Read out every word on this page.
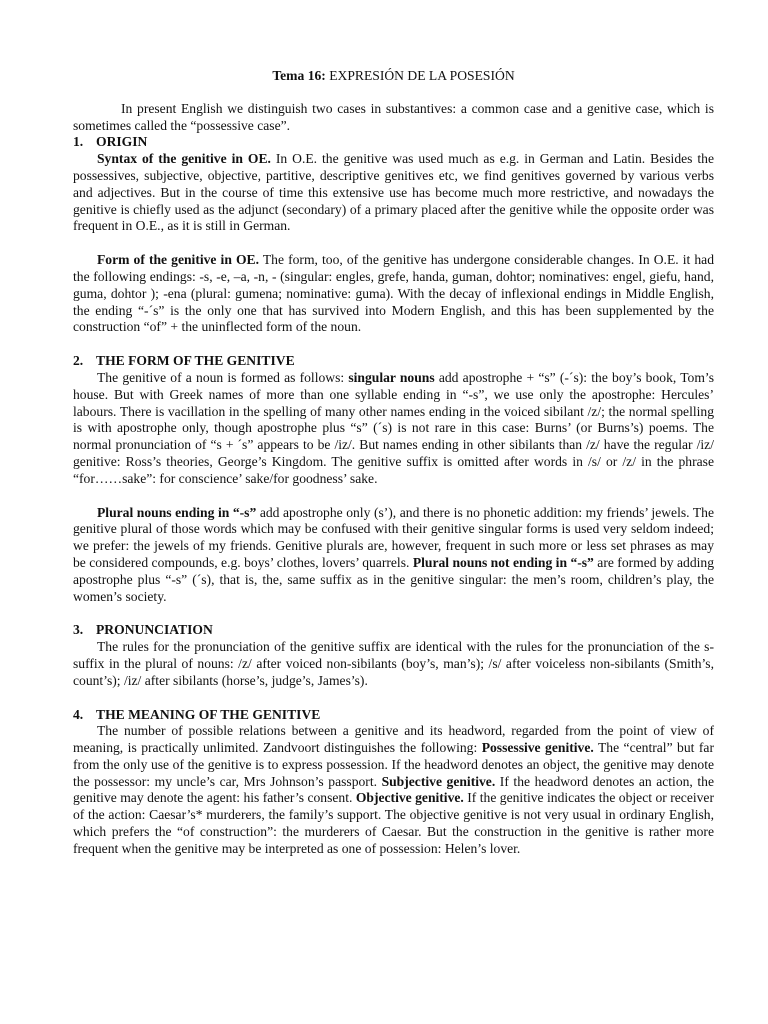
Tema 16: EXPRESIÓN DE LA POSESIÓN

In present English we distinguish two cases in substantives: a common case and a genitive case, which is sometimes called the “possessive case”.

1. ORIGIN

Syntax of the genitive in OE. In O.E. the genitive was used much as e.g. in German and Latin. Besides the possessives, subjective, objective, partitive, descriptive genitives etc, we find genitives governed by various verbs and adjectives. But in the course of time this extensive use has become much more restrictive, and nowadays the genitive is chiefly used as the adjunct (secondary) of a primary placed after the genitive while the opposite order was frequent in O.E., as it is still in German.

Form of the genitive in OE. The form, too, of the genitive has undergone considerable changes. In O.E. it had the following endings: -s, -e, –a, -n, - (singular: engles, grefe, handa, guman, dohtor; nominatives: engel, giefu, hand, guma, dohtor ); -ena (plural: gumena; nominative: guma). With the decay of inflexional endings in Middle English, the ending “-´s” is the only one that has survived into Modern English, and this has been supplemented by the construction “of” + the uninflected form of the noun.

2. THE FORM OF THE GENITIVE

The genitive of a noun is formed as follows: singular nouns add apostrophe + “s” (-´s): the boy’s book, Tom’s house. But with Greek names of more than one syllable ending in “-s”, we use only the apostrophe: Hercules’ labours. There is vacillation in the spelling of many other names ending in the voiced sibilant /z/; the normal spelling is with apostrophe only, though apostrophe plus “s” (´s) is not rare in this case: Burns’ (or Burns’s) poems. The normal pronunciation of “s + ´s” appears to be /iz/. But names ending in other sibilants than /z/ have the regular /iz/ genitive: Ross’s theories, George’s Kingdom. The genitive suffix is omitted after words in /s/ or /z/ in the phrase “for……sake”: for conscience’ sake/for goodness’ sake.

Plural nouns ending in “-s” add apostrophe only (s’), and there is no phonetic addition: my friends’ jewels. The genitive plural of those words which may be confused with their genitive singular forms is used very seldom indeed; we prefer: the jewels of my friends. Genitive plurals are, however, frequent in such more or less set phrases as may be considered compounds, e.g. boys’ clothes, lovers’ quarrels. Plural nouns not ending in “-s” are formed by adding apostrophe plus “-s” (´s), that is, the, same suffix as in the genitive singular: the men’s room, children’s play, the women’s society.

3. PRONUNCIATION

The rules for the pronunciation of the genitive suffix are identical with the rules for the pronunciation of the s-suffix in the plural of nouns: /z/ after voiced non-sibilants (boy’s, man’s); /s/ after voiceless non-sibilants (Smith’s, count’s); /iz/ after sibilants (horse’s, judge’s, James’s).

4. THE MEANING OF THE GENITIVE

The number of possible relations between a genitive and its headword, regarded from the point of view of meaning, is practically unlimited. Zandvoort distinguishes the following: Possessive genitive. The “central” but far from the only use of the genitive is to express possession. If the headword denotes an object, the genitive may denote the possessor: my uncle’s car, Mrs Johnson’s passport. Subjective genitive. If the headword denotes an action, the genitive may denote the agent: his father’s consent. Objective genitive. If the genitive indicates the object or receiver of the action: Caesar’s* murderers, the family’s support. The objective genitive is not very usual in ordinary English, which prefers the “of construction”: the murderers of Caesar. But the construction in the genitive is rather more frequent when the genitive may be interpreted as one of possession: Helen’s lover.
